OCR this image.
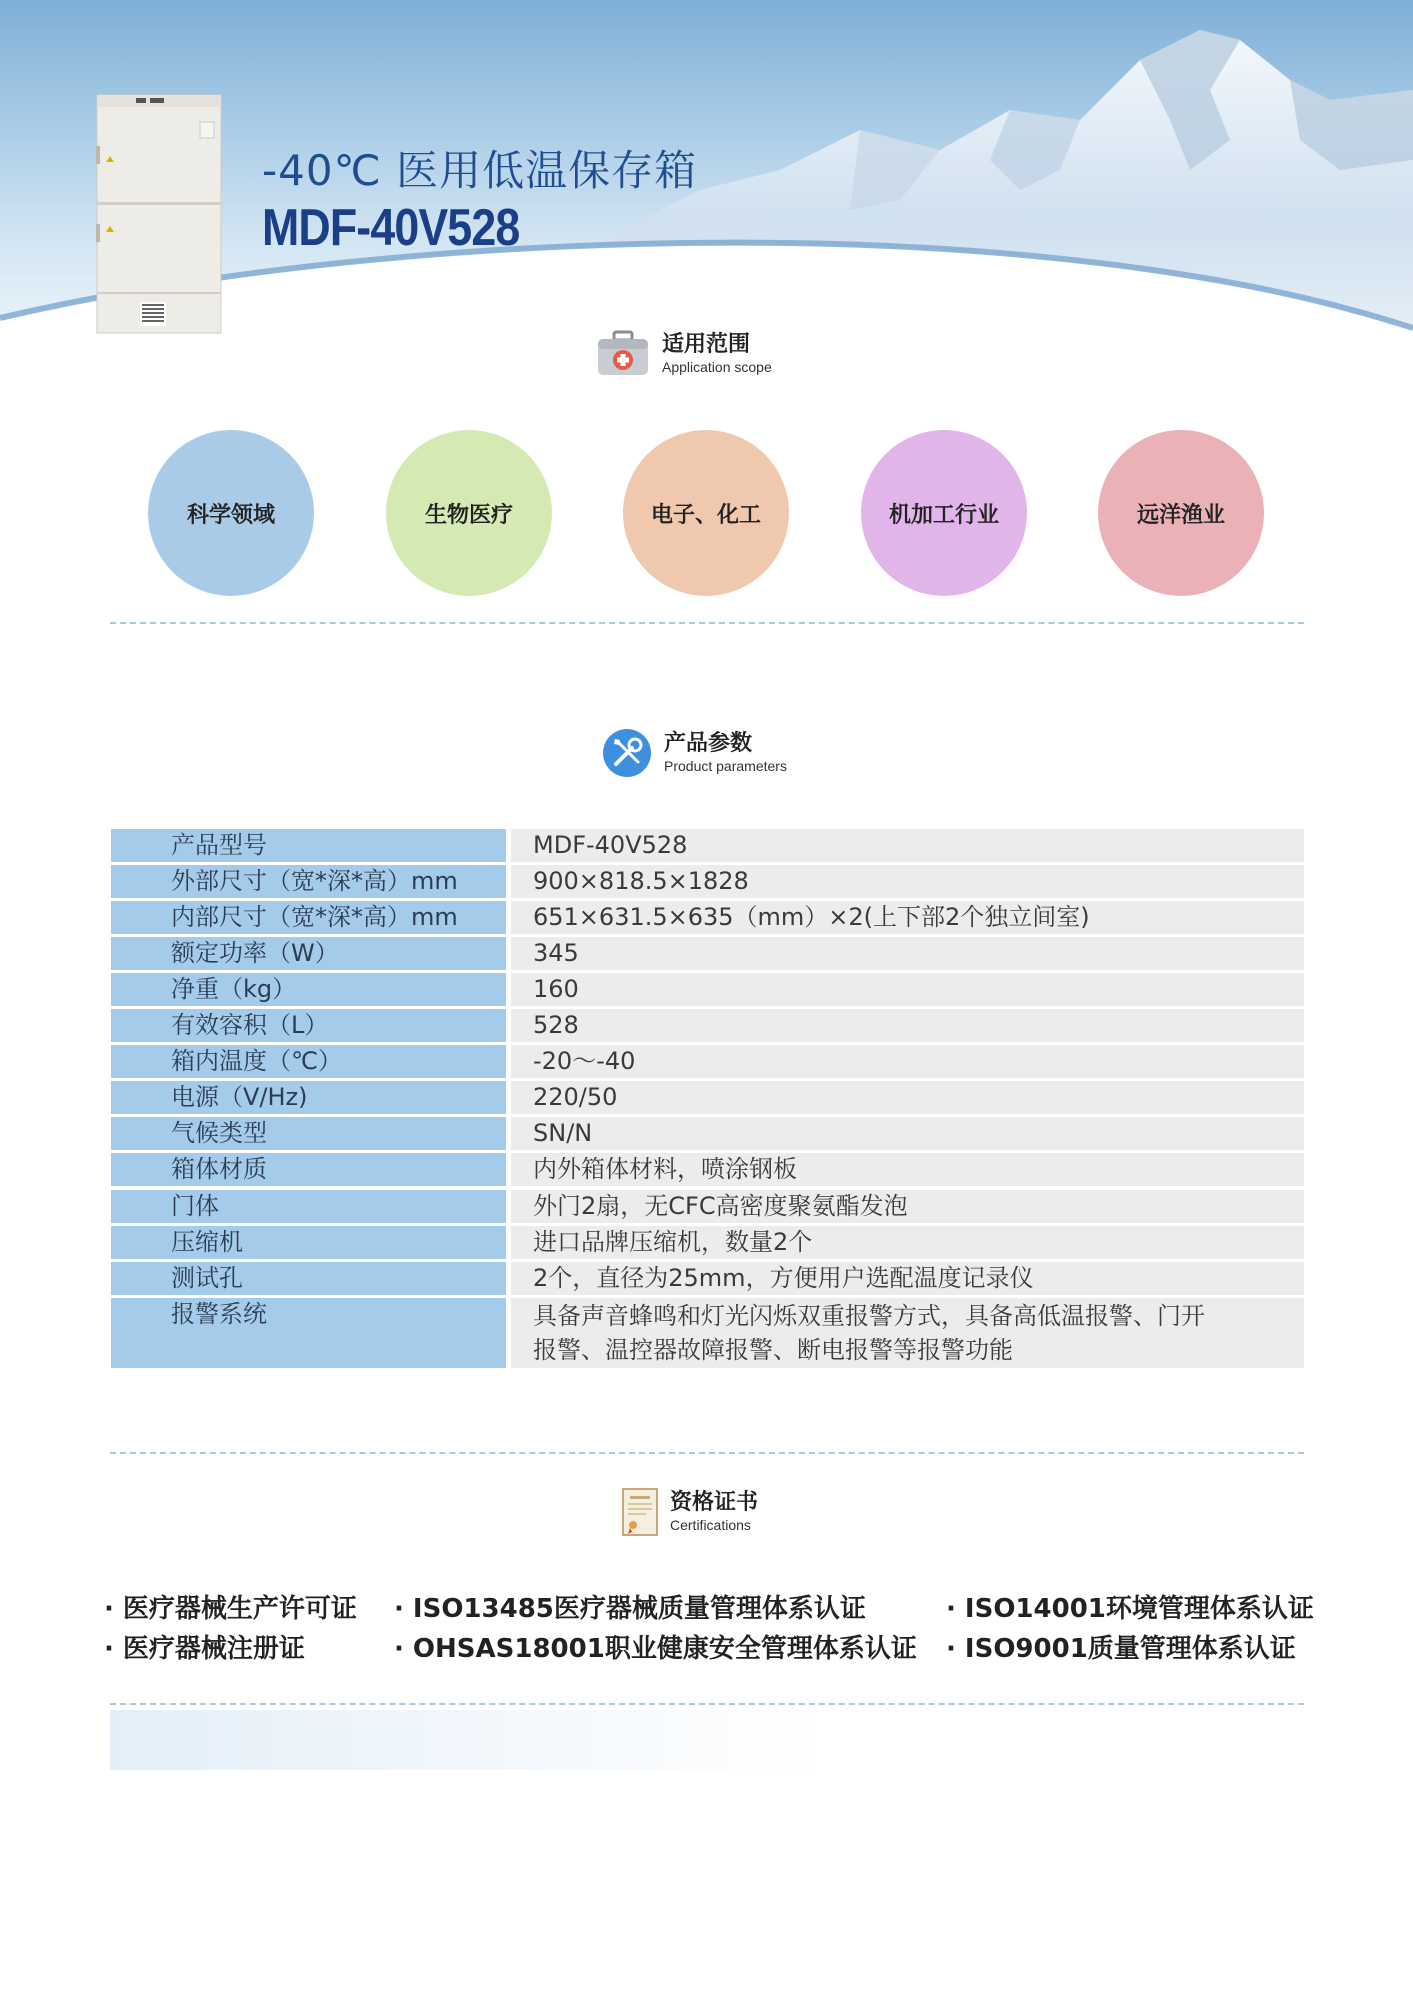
-40℃ 医用低温保存箱
MDF-40V528
适用范围
Application scope
科学领域	生物医疗	电子、化工	机加工行业	远洋渔业
产品参数
Product parameters
产品型号	MDF-40V528
外部尺寸（宽*深*高）mm	900×818.5×1828
内部尺寸（宽*深*高）mm	651×631.5×635（mm）×2(上下部2个独立间室)
额定功率（W）	345
净重（kg）	160
有效容积（L）	528
箱内温度（℃）	-20～-40
电源（V/Hz)	220/50
气候类型	SN/N
箱体材质	内外箱体材料，喷涂钢板
门体	外门2扇，无CFC高密度聚氨酯发泡
压缩机	进口品牌压缩机，数量2个
测试孔	2个，直径为25mm，方便用户选配温度记录仪
报警系统	具备声音蜂鸣和灯光闪烁双重报警方式，具备高低温报警、门开
报警、温控器故障报警、断电报警等报警功能
资格证书
Certifications
· 医疗器械生产许可证 · ISO13485医疗器械质量管理体系认证	· ISO14001环境管理体系认证
· 医疗器械注册证	· OHSAS18001职业健康安全管理体系认证 · ISO9001质量管理体系认证
